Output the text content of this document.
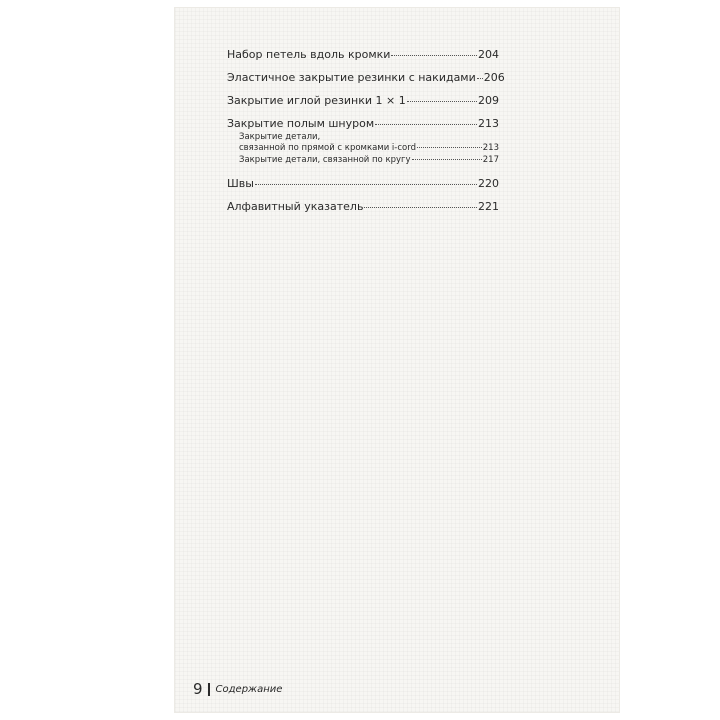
Набор петель вдоль кромки	204
Эластичное закрытие резинки с накидами 206
Закрытие иглой резинки 1 × 1	209
Закрытие полым шнуром	213
Закрытие детали,
связанной по прямой с кромками i-cord	213
Закрытие детали, связанной по кругу	217
Швы	220
Алфавитный указатель	221
9 Содержание
